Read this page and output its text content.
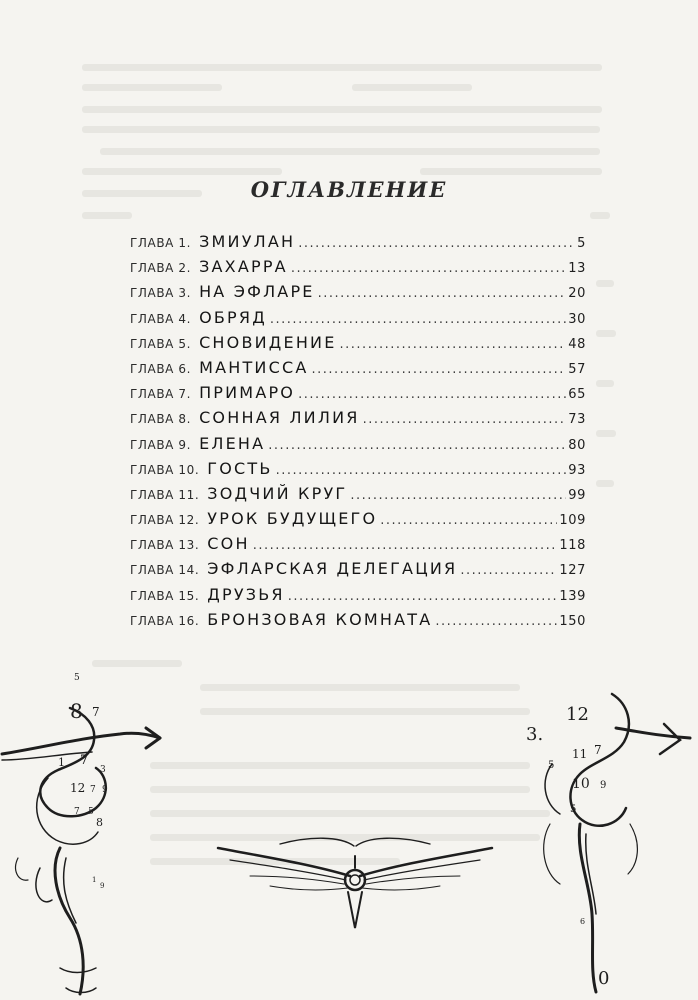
ОГЛАВЛЕНИЕ
ГЛАВА 1. ЗМИУЛАН .....	5
ГЛАВА 2. ЗАХАРРА .....	13
ГЛАВА 3. НА ЭФЛАРЕ .....	20
ГЛАВА 4. ОБРЯД .....	30
ГЛАВА 5. СНОВИДЕНИЕ .....	48
ГЛАВА 6. МАНТИССА .....	57
ГЛАВА 7. ПРИМАРО .....	65
ГЛАВА 8. СОННАЯ ЛИЛИЯ .....	73
ГЛАВА 9. ЕЛЕНА .....	80
ГЛАВА 10. ГОСТЬ .....	93
ГЛАВА 11. ЗОДЧИЙ КРУГ .....	99
ГЛАВА 12. УРОК БУДУЩЕГО .....	109
ГЛАВА 13. СОН .....	118
ГЛАВА 14. ЭФЛАРСКАЯ ДЕЛЕГАЦИЯ .....	127
ГЛАВА 15. ДРУЗЬЯ .....	139
ГЛАВА 16. БРОНЗОВАЯ КОМНАТА .....	150
5
8 7
1 7
3
12 7 9
7 5
8
1
9
3.
12
5
11 7
10 9
5
6
0
